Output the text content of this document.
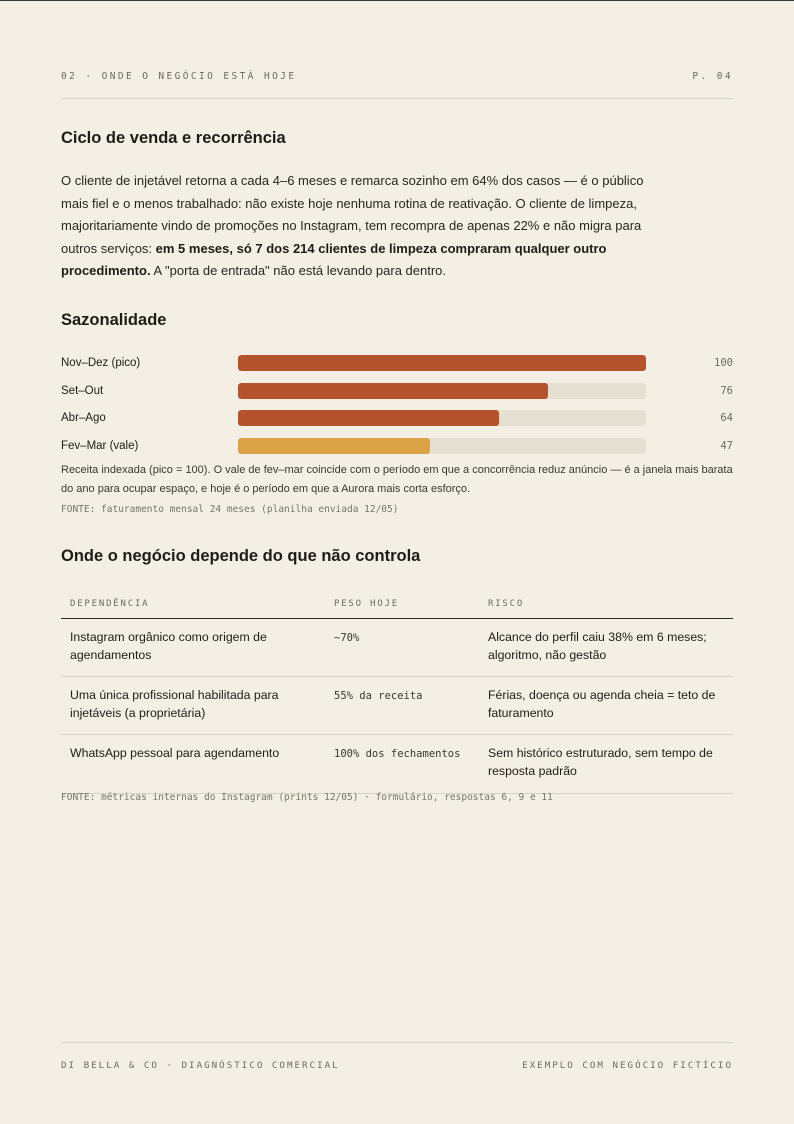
02 · ONDE O NEGÓCIO ESTÁ HOJE	P. 04
Ciclo de venda e recorrência

O cliente de injetável retorna a cada 4–6 meses e remarca sozinho em 64% dos casos — é o público mais fiel e o menos trabalhado: não existe hoje nenhuma rotina de reativação. O cliente de limpeza, majoritariamente vindo de promoções no Instagram, tem recompra de apenas 22% e não migra para outros serviços: em 5 meses, só 7 dos 214 clientes de limpeza compraram qualquer outro procedimento. A "porta de entrada" não está levando para dentro.

Sazonalidade
Nov–Dez (pico)	100
Set–Out	76
Abr–Ago	64
Fev–Mar (vale)	47

Receita indexada (pico = 100). O vale de fev–mar coincide com o período em que a concorrência reduz anúncio — é a janela mais barata do ano para ocupar espaço, e hoje é o período em que a Aurora mais corta esforço.

FONTE: faturamento mensal 24 meses (planilha enviada 12/05)
Onde o negócio depende do que não controla
DEPENDÊNCIA	PESO HOJE	RISCO
Instagram orgânico como origem de agendamentos	~70%	Alcance do perfil caiu 38% em 6 meses; algoritmo, não gestão
Uma única profissional habilitada para injetáveis (a proprietária)	55% da receita	Férias, doença ou agenda cheia = teto de faturamento
WhatsApp pessoal para agendamento	100% dos fechamentos	Sem histórico estruturado, sem tempo de resposta padrão
FONTE: métricas internas do Instagram (prints 12/05) · formulário, respostas 6, 9 e 11
DI BELLA & CO · DIAGNÓSTICO COMERCIAL	EXEMPLO COM NEGÓCIO FICTÍCIO
